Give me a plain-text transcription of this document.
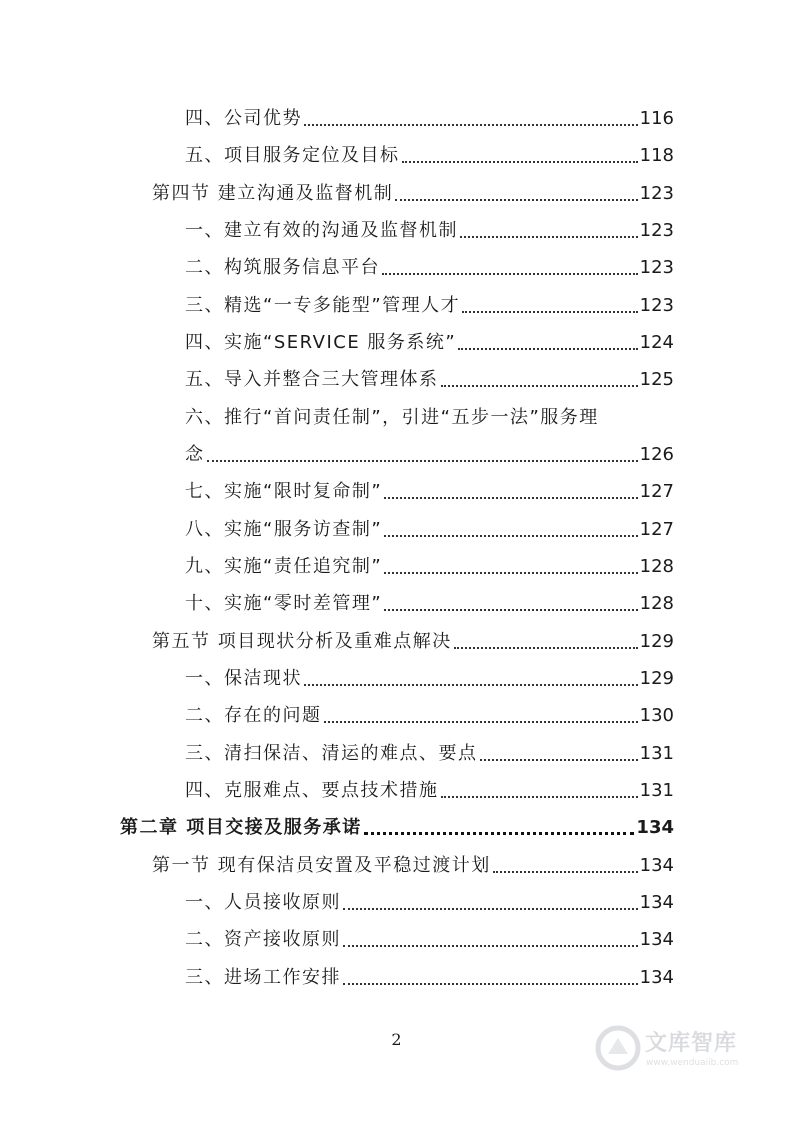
四、公司优势	116
五、项目服务定位及目标	118
第四节 建立沟通及监督机制	123
一、建立有效的沟通及监督机制	123
二、构筑服务信息平台	123
三、精选“一专多能型”管理人才	123
四、实施“SERVICE 服务系统”	124
五、导入并整合三大管理体系	125
六、推行“首问责任制”，引进“五步一法”服务理
念	126
七、实施“限时复命制”	127
八、实施“服务访查制”	127
九、实施“责任追究制”	128
十、实施“零时差管理”	128
第五节 项目现状分析及重难点解决	129
一、保洁现状	129
二、存在的问题	130
三、清扫保洁、清运的难点、要点	131
四、克服难点、要点技术措施	131
第二章 项目交接及服务承诺	134
第一节 现有保洁员安置及平稳过渡计划	134
一、人员接收原则	134
二、资产接收原则	134
三、进场工作安排	134
2	文库智库
www.wenduaiib.com
